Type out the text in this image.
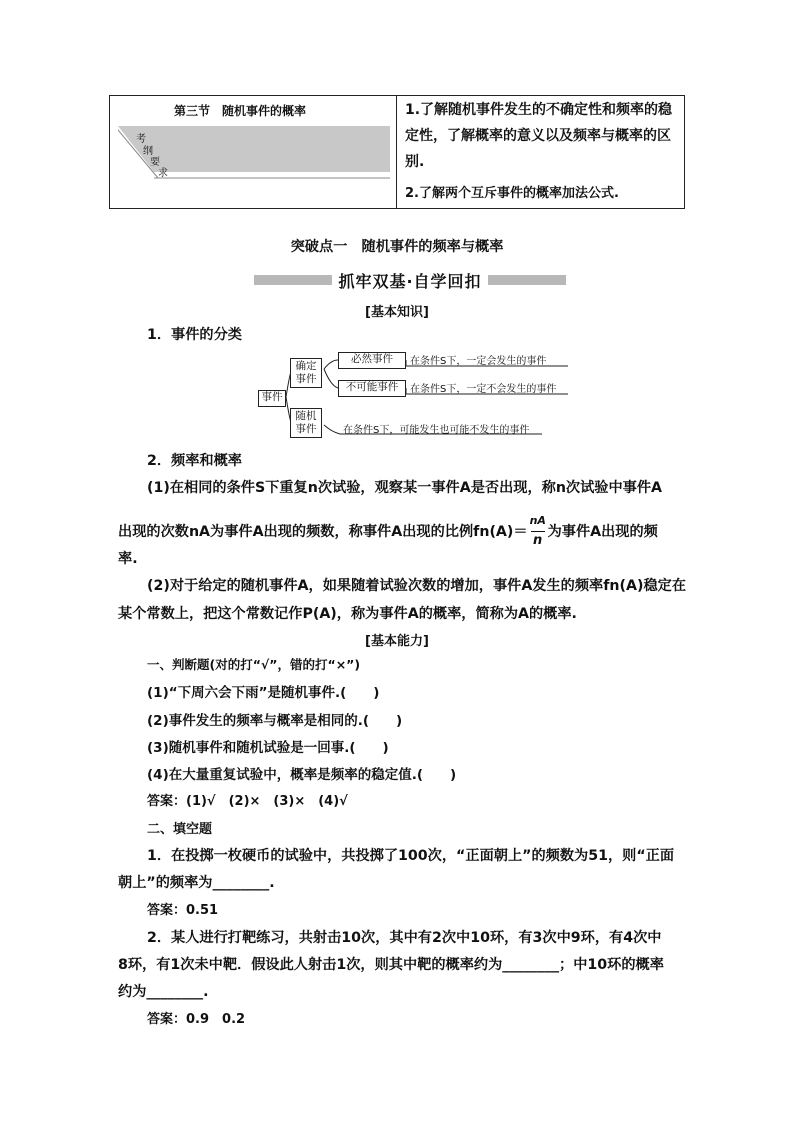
第三节　随机事件的概率
考
纲
要
求
1.了解随机事件发生的不确定性和频率的稳
定性，了解概率的意义以及频率与概率的区
别.
2.了解两个互斥事件的概率加法公式.
突破点一　随机事件的频率与概率
抓牢双基·自学回扣
[基本知识]
1．事件的分类
事件
确定事件
随机事件
必然事件
不可能事件
在条件S下，一定会发生的事件
在条件S下，一定不会发生的事件
在条件S下，可能发生也可能不发生的事件
2．频率和概率
(1)在相同的条件S下重复n次试验，观察某一事件A是否出现，称n次试验中事件A
出现的次数nA为事件A出现的频数，称事件A出现的比例$fn(A)= \frac{nA}{n}$ 为事件A出现的频
率.
(2)对于给定的随机事件A，如果随着试验次数的增加，事件A发生的频率fn(A)稳定在
某个常数上，把这个常数记作P(A)，称为事件A的概率，简称为A的概率.
[基本能力]
一、判断题(对的打“√”，错的打“×”)
(1)“下周六会下雨”是随机事件.(　　)
(2)事件发生的频率与概率是相同的.(　　)
(3)随机事件和随机试验是一回事.(　　)
(4)在大量重复试验中，概率是频率的稳定值.(　　)
答案：(1)√　(2)×　(3)×　(4)√
二、填空题
1．在投掷一枚硬币的试验中，共投掷了100次，“正面朝上”的频数为51，则“正面
朝上”的频率为________.
答案：0.51
2．某人进行打靶练习，共射击10次，其中有2次中10环，有3次中9环，有4次中
8环，有1次未中靶．假设此人射击1次，则其中靶的概率约为________；中10环的概率
约为________.
答案：0.9　0.2
